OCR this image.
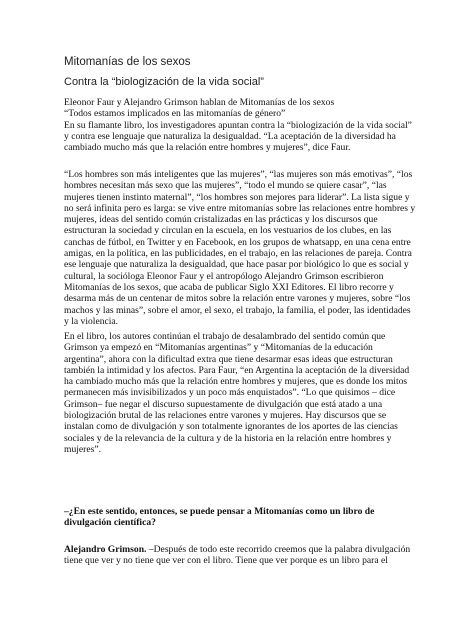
Mitomanías de los sexos
Contra la “biologización de la vida social”
Eleonor Faur y Alejandro Grimson hablan de Mitomanías de los sexos
“Todos estamos implicados en las mitomanías de género”
En su flamante libro, los investigadores apuntan contra la “biologización de la vida social”
y contra ese lenguaje que naturaliza la desigualdad. “La aceptación de la diversidad ha
cambiado mucho más que la relación entre hombres y mujeres”, dice Faur.
“Los hombres son más inteligentes que las mujeres”, “las mujeres son más emotivas”, “los
hombres necesitan más sexo que las mujeres”, “todo el mundo se quiere casar”, “las
mujeres tienen instinto maternal”, “los hombres son mejores para liderar”. La lista sigue y
no será infinita pero es larga: se vive entre mitomanías sobre las relaciones entre hombres y
mujeres, ideas del sentido común cristalizadas en las prácticas y los discursos que
estructuran la sociedad y circulan en la escuela, en los vestuarios de los clubes, en las
canchas de fútbol, en Twitter y en Facebook, en los grupos de whatsapp, en una cena entre
amigas, en la política, en las publicidades, en el trabajo, en las relaciones de pareja. Contra
ese lenguaje que naturaliza la desigualdad, que hace pasar por biológico lo que es social y
cultural, la socióloga Eleonor Faur y el antropólogo Alejandro Grimson escribieron
Mitomanías de los sexos, que acaba de publicar Siglo XXI Editores. El libro recorre y
desarma más de un centenar de mitos sobre la relación entre varones y mujeres, sobre “los
machos y las minas”, sobre el amor, el sexo, el trabajo, la familia, el poder, las identidades
y la violencia.
En el libro, los autores continúan el trabajo de desalambrado del sentido común que
Grimson ya empezó en “Mitomanías argentinas” y “Mitomanías de la educación
argentina”, ahora con la dificultad extra que tiene desarmar esas ideas que estructuran
también la intimidad y los afectos. Para Faur, “en Argentina la aceptación de la diversidad
ha cambiado mucho más que la relación entre hombres y mujeres, que es donde los mitos
permanecen más invisibilizados y un poco más enquistados”. “Lo que quisimos – dice
Grimson– fue negar el discurso supuestamente de divulgación que está atado a una
biologización brutal de las relaciones entre varones y mujeres. Hay discursos que se
instalan como de divulgación y son totalmente ignorantes de los aportes de las ciencias
sociales y de la relevancia de la cultura y de la historia en la relación entre hombres y
mujeres”.
–¿En este sentido, entonces, se puede pensar a Mitomanías como un libro de
divulgación científica?
Alejandro Grimson. –Después de todo este recorrido creemos que la palabra divulgación
tiene que ver y no tiene que ver con el libro. Tiene que ver porque es un libro para el
